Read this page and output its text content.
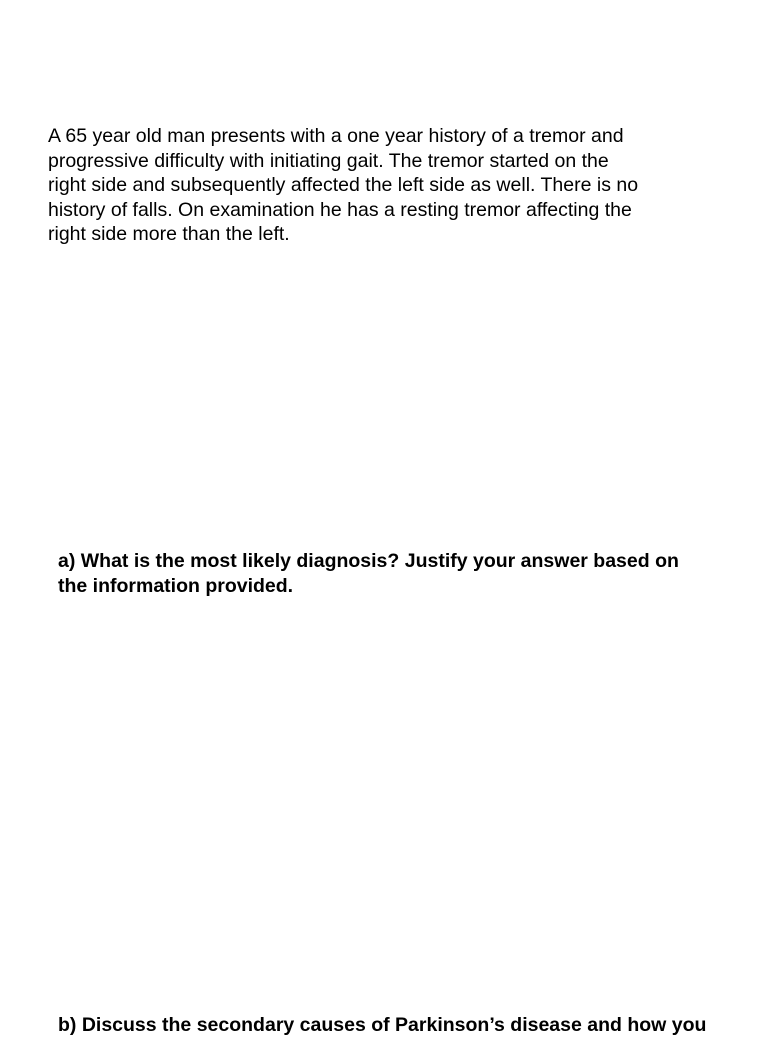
A 65 year old man presents with a one year history of a tremor and
progressive difficulty with initiating gait. The tremor started on the
right side and subsequently affected the left side as well. There is no
history of falls. On examination he has a resting tremor affecting the
right side more than the left.

a) What is the most likely diagnosis? Justify your answer based on
the information provided.

b) Discuss the secondary causes of Parkinson’s disease and how you
